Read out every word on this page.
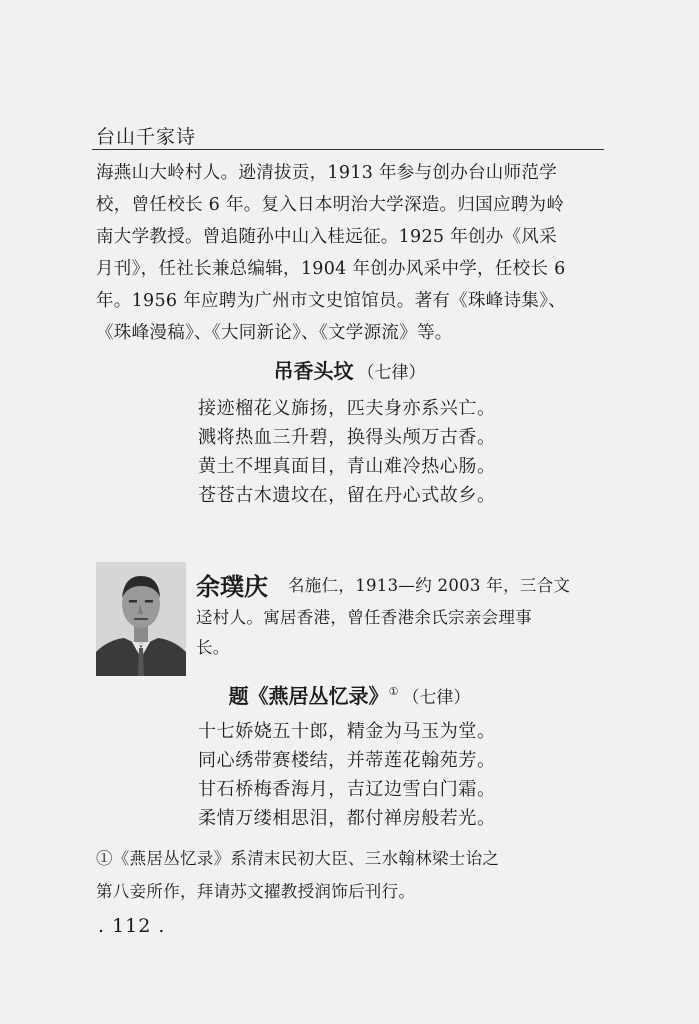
台山千家诗
海燕山大岭村人。逊清拔贡，1913 年参与创办台山师范学
校，曾任校长 6 年。复入日本明治大学深造。归国应聘为岭
南大学教授。曾追随孙中山入桂远征。1925 年创办《风采
月刊》，任社长兼总编辑，1904 年创办风采中学，任校长 6
年。1956 年应聘为广州市文史馆馆员。著有《珠峰诗集》、
《珠峰漫稿》、《大同新论》、《文学源流》等。
吊香头坟 （七律）
接迹榴花义旆扬，匹夫身亦系兴亡。
溅将热血三升碧，换得头颅万古香。
黄土不埋真面目，青山难冷热心肠。
苍苍古木遗坟在，留在丹心式故乡。
余璞庆 名施仁，1913—约 2003 年，三合文
迳村人。寓居香港，曾任香港余氏宗亲会理事
长。
题《燕居丛忆录》① （七律）
十七娇娆五十郎，精金为马玉为堂。
同心绣带赛楼结，并蒂莲花翰苑芳。
甘石桥梅香海月，吉辽边雪白门霜。
柔情万缕相思泪，都付禅房般若光。
①《燕居丛忆录》系清末民初大臣、三水翰林梁士诒之
第八妾所作，拜请苏文擢教授润饰后刊行。
. 112 .
